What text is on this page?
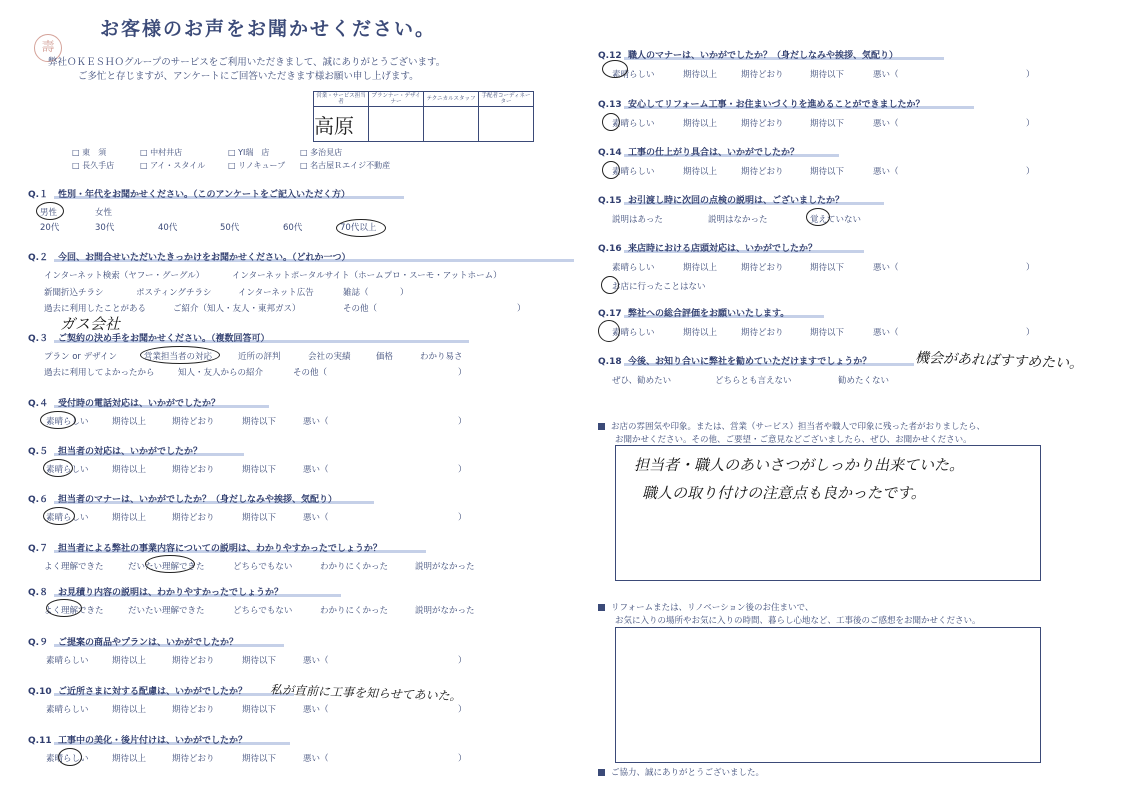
壽
お客様のお声をお聞かせください。
弊社ＯＫＥＳＨＯグループのサービスをご利用いただきまして、誠にありがとうございます。
ご多忙と存じますが、アンケートにご回答いただきます様お願い申し上げます。
営業・サービス担当者	プランナー・デザイナー	テクニカルスタッフ	手配者コーディネーター
高原			
□ 東　須	□ 中村井店	□ YI瑞　店	□ 多治見店
□ 長久手店	□ アイ・スタイル	□ リノキューブ □ 名古屋Ｒエイジ不動産
Q.１ 性別・年代をお聞かせください。（このアンケートをご記入いただく方）
男性	女性
20代	30代	40代	50代	60代	70代以上
Q.２ 今回、お問合せいただいたきっかけをお聞かせください。（どれか一つ）
インターネット検索（ヤフー・グーグル）	インターネットポータルサイト（ホームプロ・スーモ・アットホーム）
新聞折込チラシ	ポスティングチラシ	インターネット広告	雑誌（	）
過去に利用したことがある	ご紹介（知人・友人・東邦ガス）	その他（	）
Q.３ ご契約の決め手をお聞かせください。（複数回答可）
プラン or デザイン	営業担当者の対応	近所の評判	会社の実績	価格	わかり易さ
過去に利用してよかったから	知人・友人からの紹介	その他（	）
Q.４ 受付時の電話対応は、いかがでしたか？
素晴らしい	期待以上	期待どおり	期待以下	悪い（	）
Q.５ 担当者の対応は、いかがでしたか？
素晴らしい	期待以上	期待どおり	期待以下	悪い（	）
Q.６ 担当者のマナーは、いかがでしたか？（身だしなみや挨拶、気配り）
素晴らしい	期待以上	期待どおり	期待以下	悪い（	）
Q.７ 担当者による弊社の事業内容についての説明は、わかりやすかったでしょうか？
よく理解できた	だいたい理解できた	どちらでもない	わかりにくかった	説明がなかった
Q.８ お見積り内容の説明は、わかりやすかったでしょうか？
よく理解できた	だいたい理解できた	どちらでもない	わかりにくかった	説明がなかった
Q.９ ご提案の商品やプランは、いかがでしたか？
素晴らしい	期待以上	期待どおり	期待以下	悪い（	）
Q.10 ご近所さまに対する配慮は、いかがでしたか？
素晴らしい	期待以上	期待どおり	期待以下	悪い（	）
Q.11 工事中の美化・後片付けは、いかがでしたか？
素晴らしい	期待以上	期待どおり	期待以下	悪い（	）
Q.12 職人のマナーは、いかがでしたか？（身だしなみや挨拶、気配り）
素晴らしい	期待以上	期待どおり	期待以下	悪い（	）
Q.13 安心してリフォーム工事・お住まいづくりを進めることができましたか？
素晴らしい	期待以上	期待どおり	期待以下	悪い（	）
Q.14 工事の仕上がり具合は、いかがでしたか？
素晴らしい	期待以上	期待どおり	期待以下	悪い（	）
Q.15 お引渡し時に次回の点検の説明は、ございましたか？
説明はあった	説明はなかった	覚えていない
Q.16 来店時における店頭対応は、いかがでしたか？
素晴らしい	期待以上	期待どおり	期待以下	悪い（	）
お店に行ったことはない
Q.17 弊社への総合評価をお願いいたします。
素晴らしい	期待以上	期待どおり	期待以下	悪い（	）
Q.18 今後、お知り合いに弊社を勧めていただけますでしょうか？
ぜひ、勧めたい	どちらとも言えない	勧めたくない
ガス会社
私が直前に工事を知らせてあいた。
機会があればすすめたい。
お店の雰囲気や印象。または、営業（サービス）担当者や職人で印象に残った者がおりましたら、
お聞かせください。その他、ご要望・ご意見などございましたら、ぜひ、お聞かせください。
担当者・職人のあいさつがしっかり出来ていた。
職人の取り付けの注意点も良かったです。
リフォームまたは、リノベーション後のお住まいで、
お気に入りの場所やお気に入りの時間、暮らし心地など、工事後のご感想をお聞かせください。
ご協力、誠にありがとうございました。
